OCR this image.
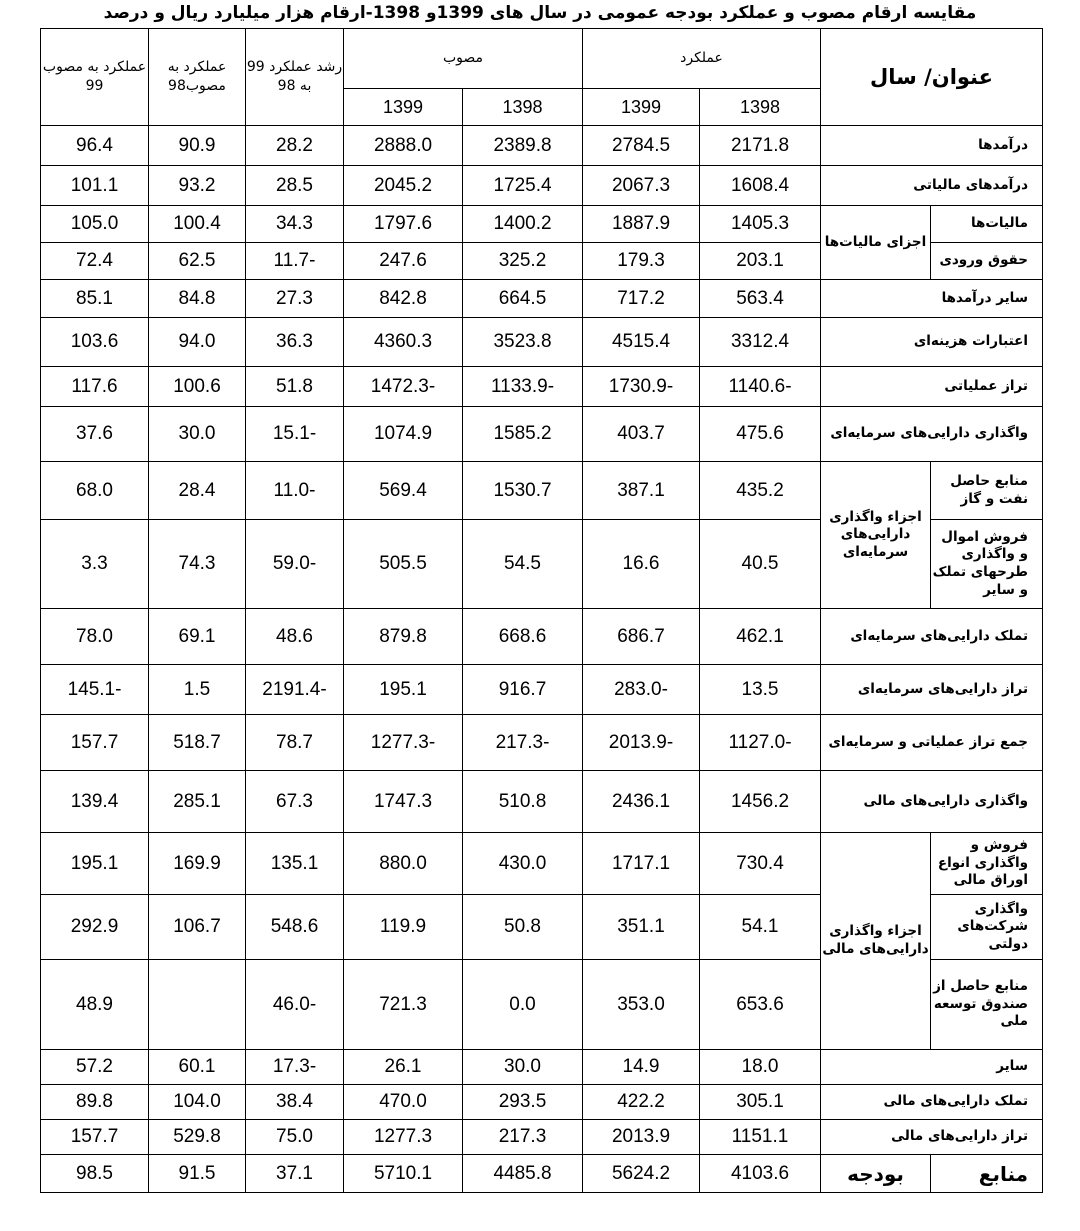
مقایسه ارقام مصوب و عملکرد بودجه عمومی در سال های 1399و 1398-ارقام هزار میلیارد ریال و درصد
عنوان/ سال		عملکرد		مصوب		رشد عملکرد 99 به 98	عملکرد به مصوب98	عملکرد به مصوب 99
		1398	1399	1398	1399			
درآمدها		2171.8	2784.5	2389.8	2888.0	28.2	90.9	96.4
درآمدهای مالیاتی		1608.4	2067.3	1725.4	2045.2	28.5	93.2	101.1
مالیات‌ها	اجزای مالیات‌ها	1405.3	1887.9	1400.2	1797.6	34.3	100.4	105.0
حقوق ورودی		203.1	179.3	325.2	247.6	-11.7	62.5	72.4
سایر درآمدها		563.4	717.2	664.5	842.8	27.3	84.8	85.1
اعتبارات هزینه‌ای		3312.4	4515.4	3523.8	4360.3	36.3	94.0	103.6
تراز عملیاتی		-1140.6	-1730.9	-1133.9	-1472.3	51.8	100.6	117.6
واگذاری دارایی‌های سرمایه‌ای		475.6	403.7	1585.2	1074.9	-15.1	30.0	37.6
منابع حاصل نفت و گاز	اجزاء واگذاری دارایی‌های سرمایه‌ای	435.2	387.1	1530.7	569.4	-11.0	28.4	68.0
فروش اموال و واگذاری طرحهای تملک و سایر		40.5	16.6	54.5	505.5	-59.0	74.3	3.3
تملک دارایی‌های سرمایه‌ای		462.1	686.7	668.6	879.8	48.6	69.1	78.0
تراز دارایی‌های سرمایه‌ای		13.5	-283.0	916.7	195.1	-2191.4	1.5	-145.1
جمع تراز عملیاتی و سرمایه‌ای		-1127.0	-2013.9	-217.3	-1277.3	78.7	518.7	157.7
واگذاری دارایی‌های مالی		1456.2	2436.1	510.8	1747.3	67.3	285.1	139.4
فروش و واگذاری انواع اوراق مالی	اجزاء واگذاری دارایی‌های مالی	730.4	1717.1	430.0	880.0	135.1	169.9	195.1
واگذاری شرکت‌های دولتی		54.1	351.1	50.8	119.9	548.6	106.7	292.9
منابع حاصل از صندوق توسعه ملی		653.6	353.0	0.0	721.3	-46.0		48.9
سایر		18.0	14.9	30.0	26.1	-17.3	60.1	57.2
تملک دارایی‌های مالی		305.1	422.2	293.5	470.0	38.4	104.0	89.8
تراز دارایی‌های مالی		1151.1	2013.9	217.3	1277.3	75.0	529.8	157.7
منابع	بودجه	4103.6	5624.2	4485.8	5710.1	37.1	91.5	98.5
